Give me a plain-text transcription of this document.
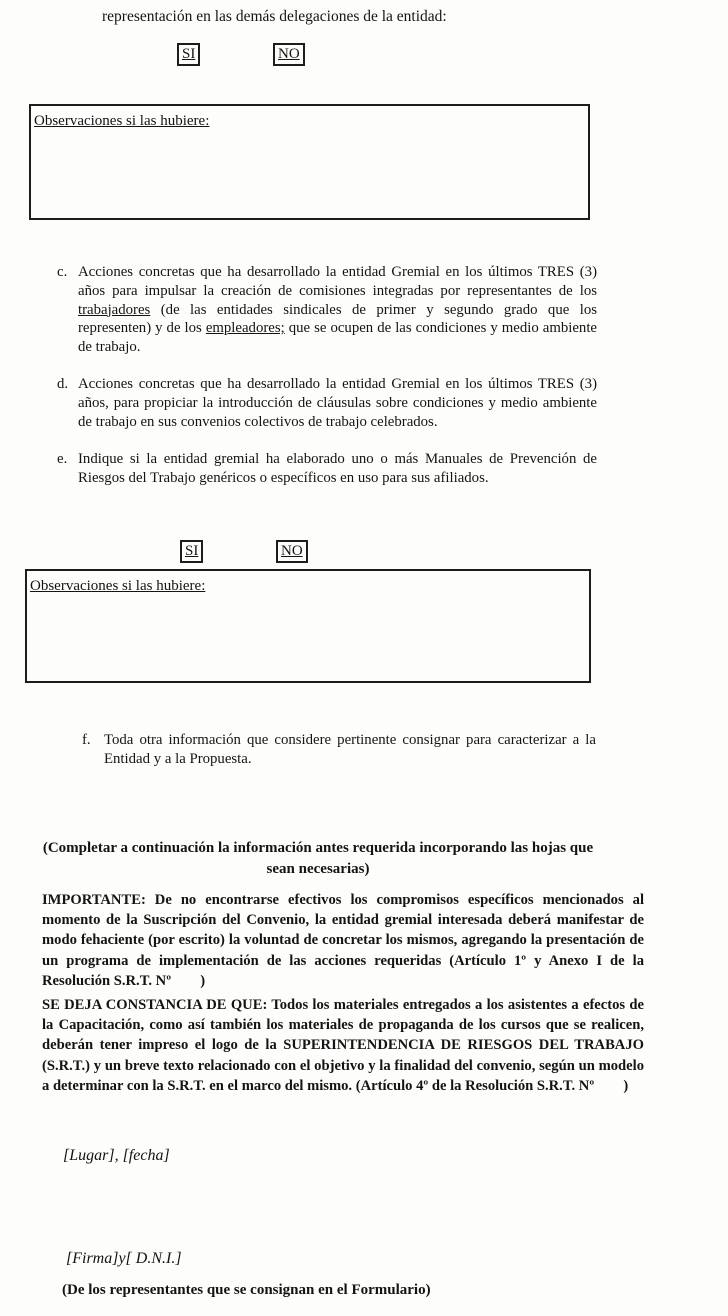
representación en las demás delegaciones de la entidad:
SI	NO
Observaciones si las hubiere:
c. Acciones concretas que ha desarrollado la entidad Gremial en los últimos TRES (3) años para impulsar la creación de comisiones integradas por representantes de los trabajadores (de las entidades sindicales de primer y segundo grado que los representen) y de los empleadores; que se ocupen de las condiciones y medio ambiente de trabajo.
d. Acciones concretas que ha desarrollado la entidad Gremial en los últimos TRES (3) años, para propiciar la introducción de cláusulas sobre condiciones y medio ambiente de trabajo en sus convenios colectivos de trabajo celebrados.
e. Indique si la entidad gremial ha elaborado uno o más Manuales de Prevención de Riesgos del Trabajo genéricos o específicos en uso para sus afiliados.
SI	NO
Observaciones si las hubiere:
f. Toda otra información que considere pertinente consignar para caracterizar a la Entidad y a la Propuesta.
(Completar a continuación la información antes requerida incorporando las hojas que sean necesarias)
IMPORTANTE: De no encontrarse efectivos los compromisos específicos mencionados al momento de la Suscripción del Convenio, la entidad gremial interesada deberá manifestar de modo fehaciente (por escrito) la voluntad de concretar los mismos, agregando la presentación de un programa de implementación de las acciones requeridas (Artículo 1º y Anexo I de la Resolución S.R.T. Nº        )
SE DEJA CONSTANCIA DE QUE: Todos los materiales entregados a los asistentes a efectos de la Capacitación, como así también los materiales de propaganda de los cursos que se realicen, deberán tener impreso el logo de la SUPERINTENDENCIA DE RIESGOS DEL TRABAJO (S.R.T.) y un breve texto relacionado con el objetivo y la finalidad del convenio, según un modelo a determinar con la S.R.T. en el marco del mismo. (Artículo 4º de la Resolución S.R.T. Nº        )
[Lugar], [fecha]
[Firma]y[ D.N.I.]
(De los representantes que se consignan en el Formulario)
